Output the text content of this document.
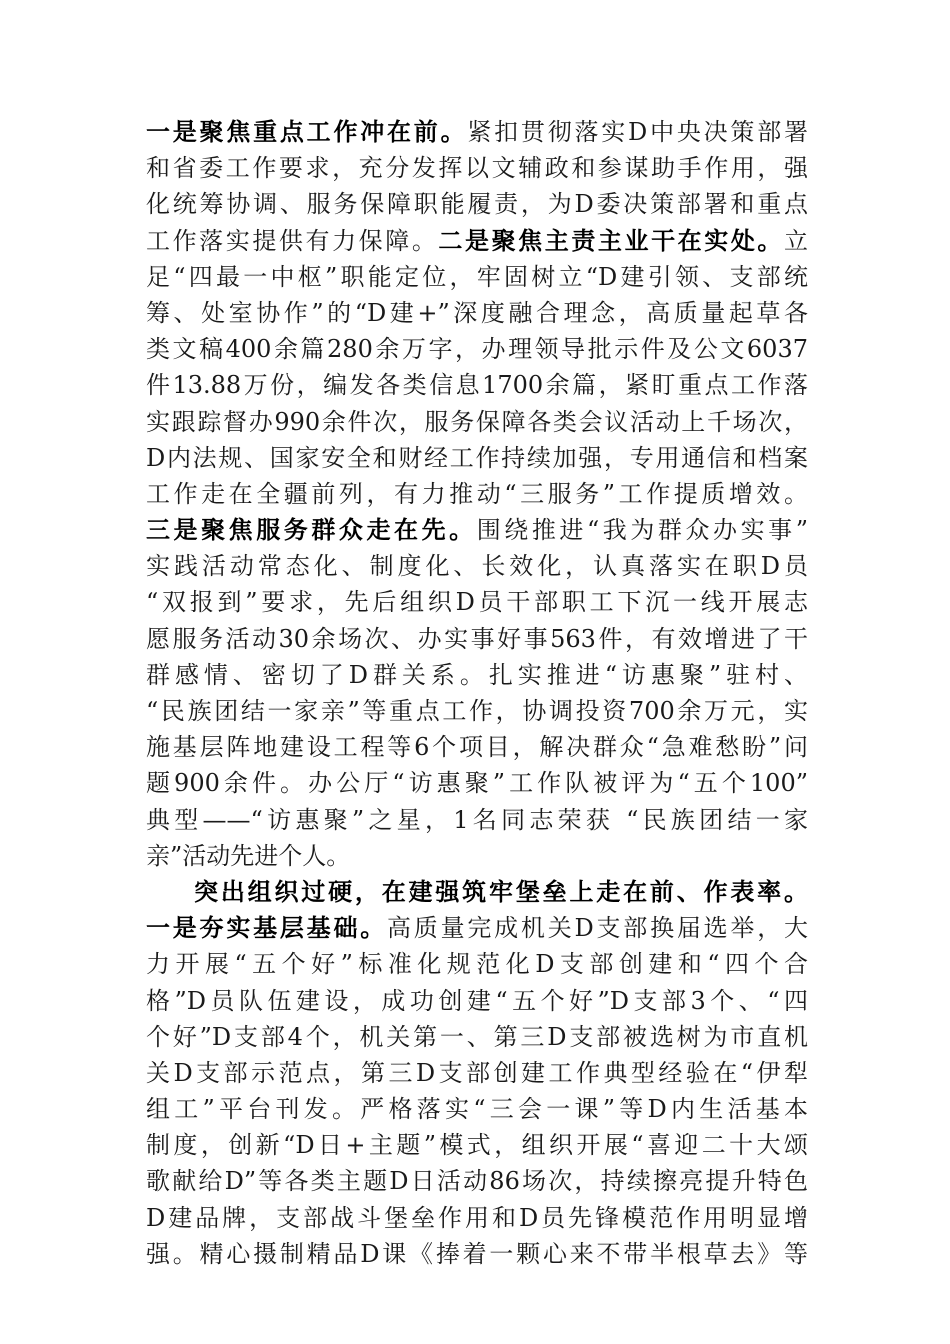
一是聚焦重点工作冲在前。紧扣贯彻落实D中央决策部署
和省委工作要求，充分发挥以文辅政和参谋助手作用，强
化统筹协调、服务保障职能履责，为D委决策部署和重点
工作落实提供有力保障。二是聚焦主责主业干在实处。立
足“四最一中枢”职能定位，牢固树立“D建引领、支部统
筹、处室协作”的“D建+”深度融合理念，高质量起草各
类文稿400余篇280余万字，办理领导批示件及公文6037
件13.88万份，编发各类信息1700余篇，紧盯重点工作落
实跟踪督办990余件次，服务保障各类会议活动上千场次，
D内法规、国家安全和财经工作持续加强，专用通信和档案
工作走在全疆前列，有力推动“三服务”工作提质增效。
三是聚焦服务群众走在先。围绕推进“我为群众办实事”
实践活动常态化、制度化、长效化，认真落实在职D员
“双报到”要求，先后组织D员干部职工下沉一线开展志
愿服务活动30余场次、办实事好事563件，有效增进了干
群感情、密切了D群关系。扎实推进“访惠聚”驻村、
“民族团结一家亲”等重点工作，协调投资700余万元，实
施基层阵地建设工程等6个项目，解决群众“急难愁盼”问
题900余件。办公厅“访惠聚”工作队被评为“五个100”
典型——“访惠聚”之星，1名同志荣获 “民族团结一家
亲”活动先进个人。
突出组织过硬，在建强筑牢堡垒上走在前、作表率。
一是夯实基层基础。高质量完成机关D支部换届选举，大
力开展“五个好”标准化规范化D支部创建和“四个合
格”D员队伍建设，成功创建“五个好”D支部3个、“四
个好”D支部4个，机关第一、第三D支部被选树为市直机
关D支部示范点，第三D支部创建工作典型经验在“伊犁
组工”平台刊发。严格落实“三会一课”等D内生活基本
制度，创新“D日+主题”模式，组织开展“喜迎二十大颂
歌献给D”等各类主题D日活动86场次，持续擦亮提升特色
D建品牌，支部战斗堡垒作用和D员先锋模范作用明显增
强。精心摄制精品D课《捧着一颗心来不带半根草去》等
